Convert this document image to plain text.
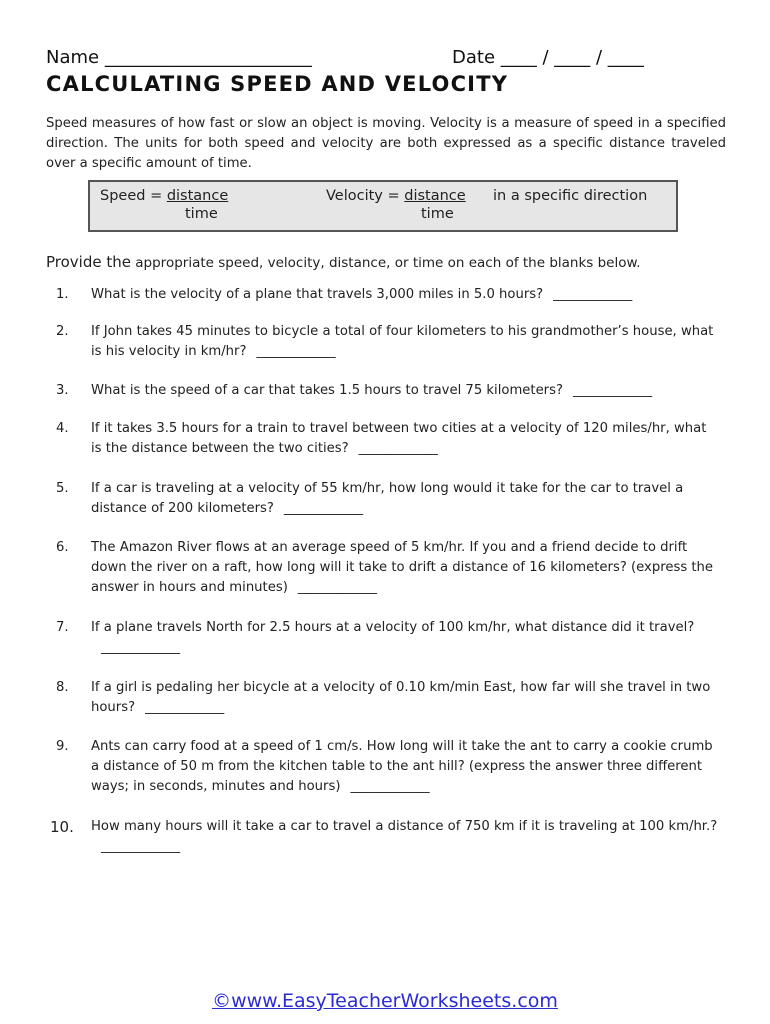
Name _______________________	Date ____ / ____ / ____
CALCULATING SPEED AND VELOCITY
Speed measures of how fast or slow an object is moving. Velocity is a measure of speed in a specified direction. The units for both speed and velocity are both expressed as a specific distance traveled over a specific amount of time.
Speed = distance
time
Velocity = distance
time
in a specific direction
Provide the appropriate speed, velocity, distance, or time on each of the blanks below.
1.	What is the velocity of a plane that travels 3,000 miles in 5.0 hours? ____________
2.	If John takes 45 minutes to bicycle a total of four kilometers to his grandmother’s house, what is his velocity in km/hr? ____________
3.	What is the speed of a car that takes 1.5 hours to travel 75 kilometers? ____________
4.	If it takes 3.5 hours for a train to travel between two cities at a velocity of 120 miles/hr, what is the distance between the two cities? ____________
5.	If a car is traveling at a velocity of 55 km/hr, how long would it take for the car to travel a distance of 200 kilometers? ____________
6.	The Amazon River flows at an average speed of 5 km/hr. If you and a friend decide to drift down the river on a raft, how long will it take to drift a distance of 16 kilometers? (express the answer in hours and minutes) ____________
7.	If a plane travels North for 2.5 hours at a velocity of 100 km/hr, what distance did it travel?____________
8.	If a girl is pedaling her bicycle at a velocity of 0.10 km/min East, how far will she travel in two hours? ____________
9.	Ants can carry food at a speed of 1 cm/s. How long will it take the ant to carry a cookie crumb a distance of 50 m from the kitchen table to the ant hill? (express the answer three different ways; in seconds, minutes and hours) ____________
10. How many hours will it take a car to travel a distance of 750 km if it is traveling at 100 km/hr.?____________
©www.EasyTeacherWorksheets.com
